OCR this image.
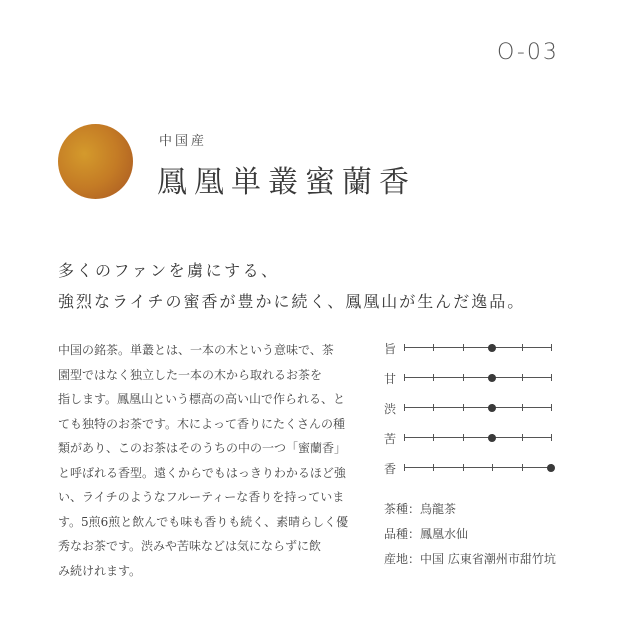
O-03
中国産
鳳凰単叢蜜蘭香
多くのファンを虜にする、
強烈なライチの蜜香が豊かに続く、鳳凰山が生んだ逸品。
中国の銘茶。単叢とは、一本の木という意味で、茶
園型ではなく独立した一本の木から取れるお茶を
指します。鳳凰山という標高の高い山で作られる、と
ても独特のお茶です。木によって香りにたくさんの種
類があり、このお茶はそのうちの中の一つ「蜜蘭香」
と呼ばれる香型。遠くからでもはっきりわかるほど強
い、ライチのようなフルーティーな香りを持っていま
す。5煎6煎と飲んでも味も香りも続く、素晴らしく優
秀なお茶です。渋みや苦味などは気にならずに飲
み続けれます。
旨
甘
渋
苦
香
茶種：烏龍茶
品種：鳳凰水仙
産地：中国 広東省潮州市甜竹坑
